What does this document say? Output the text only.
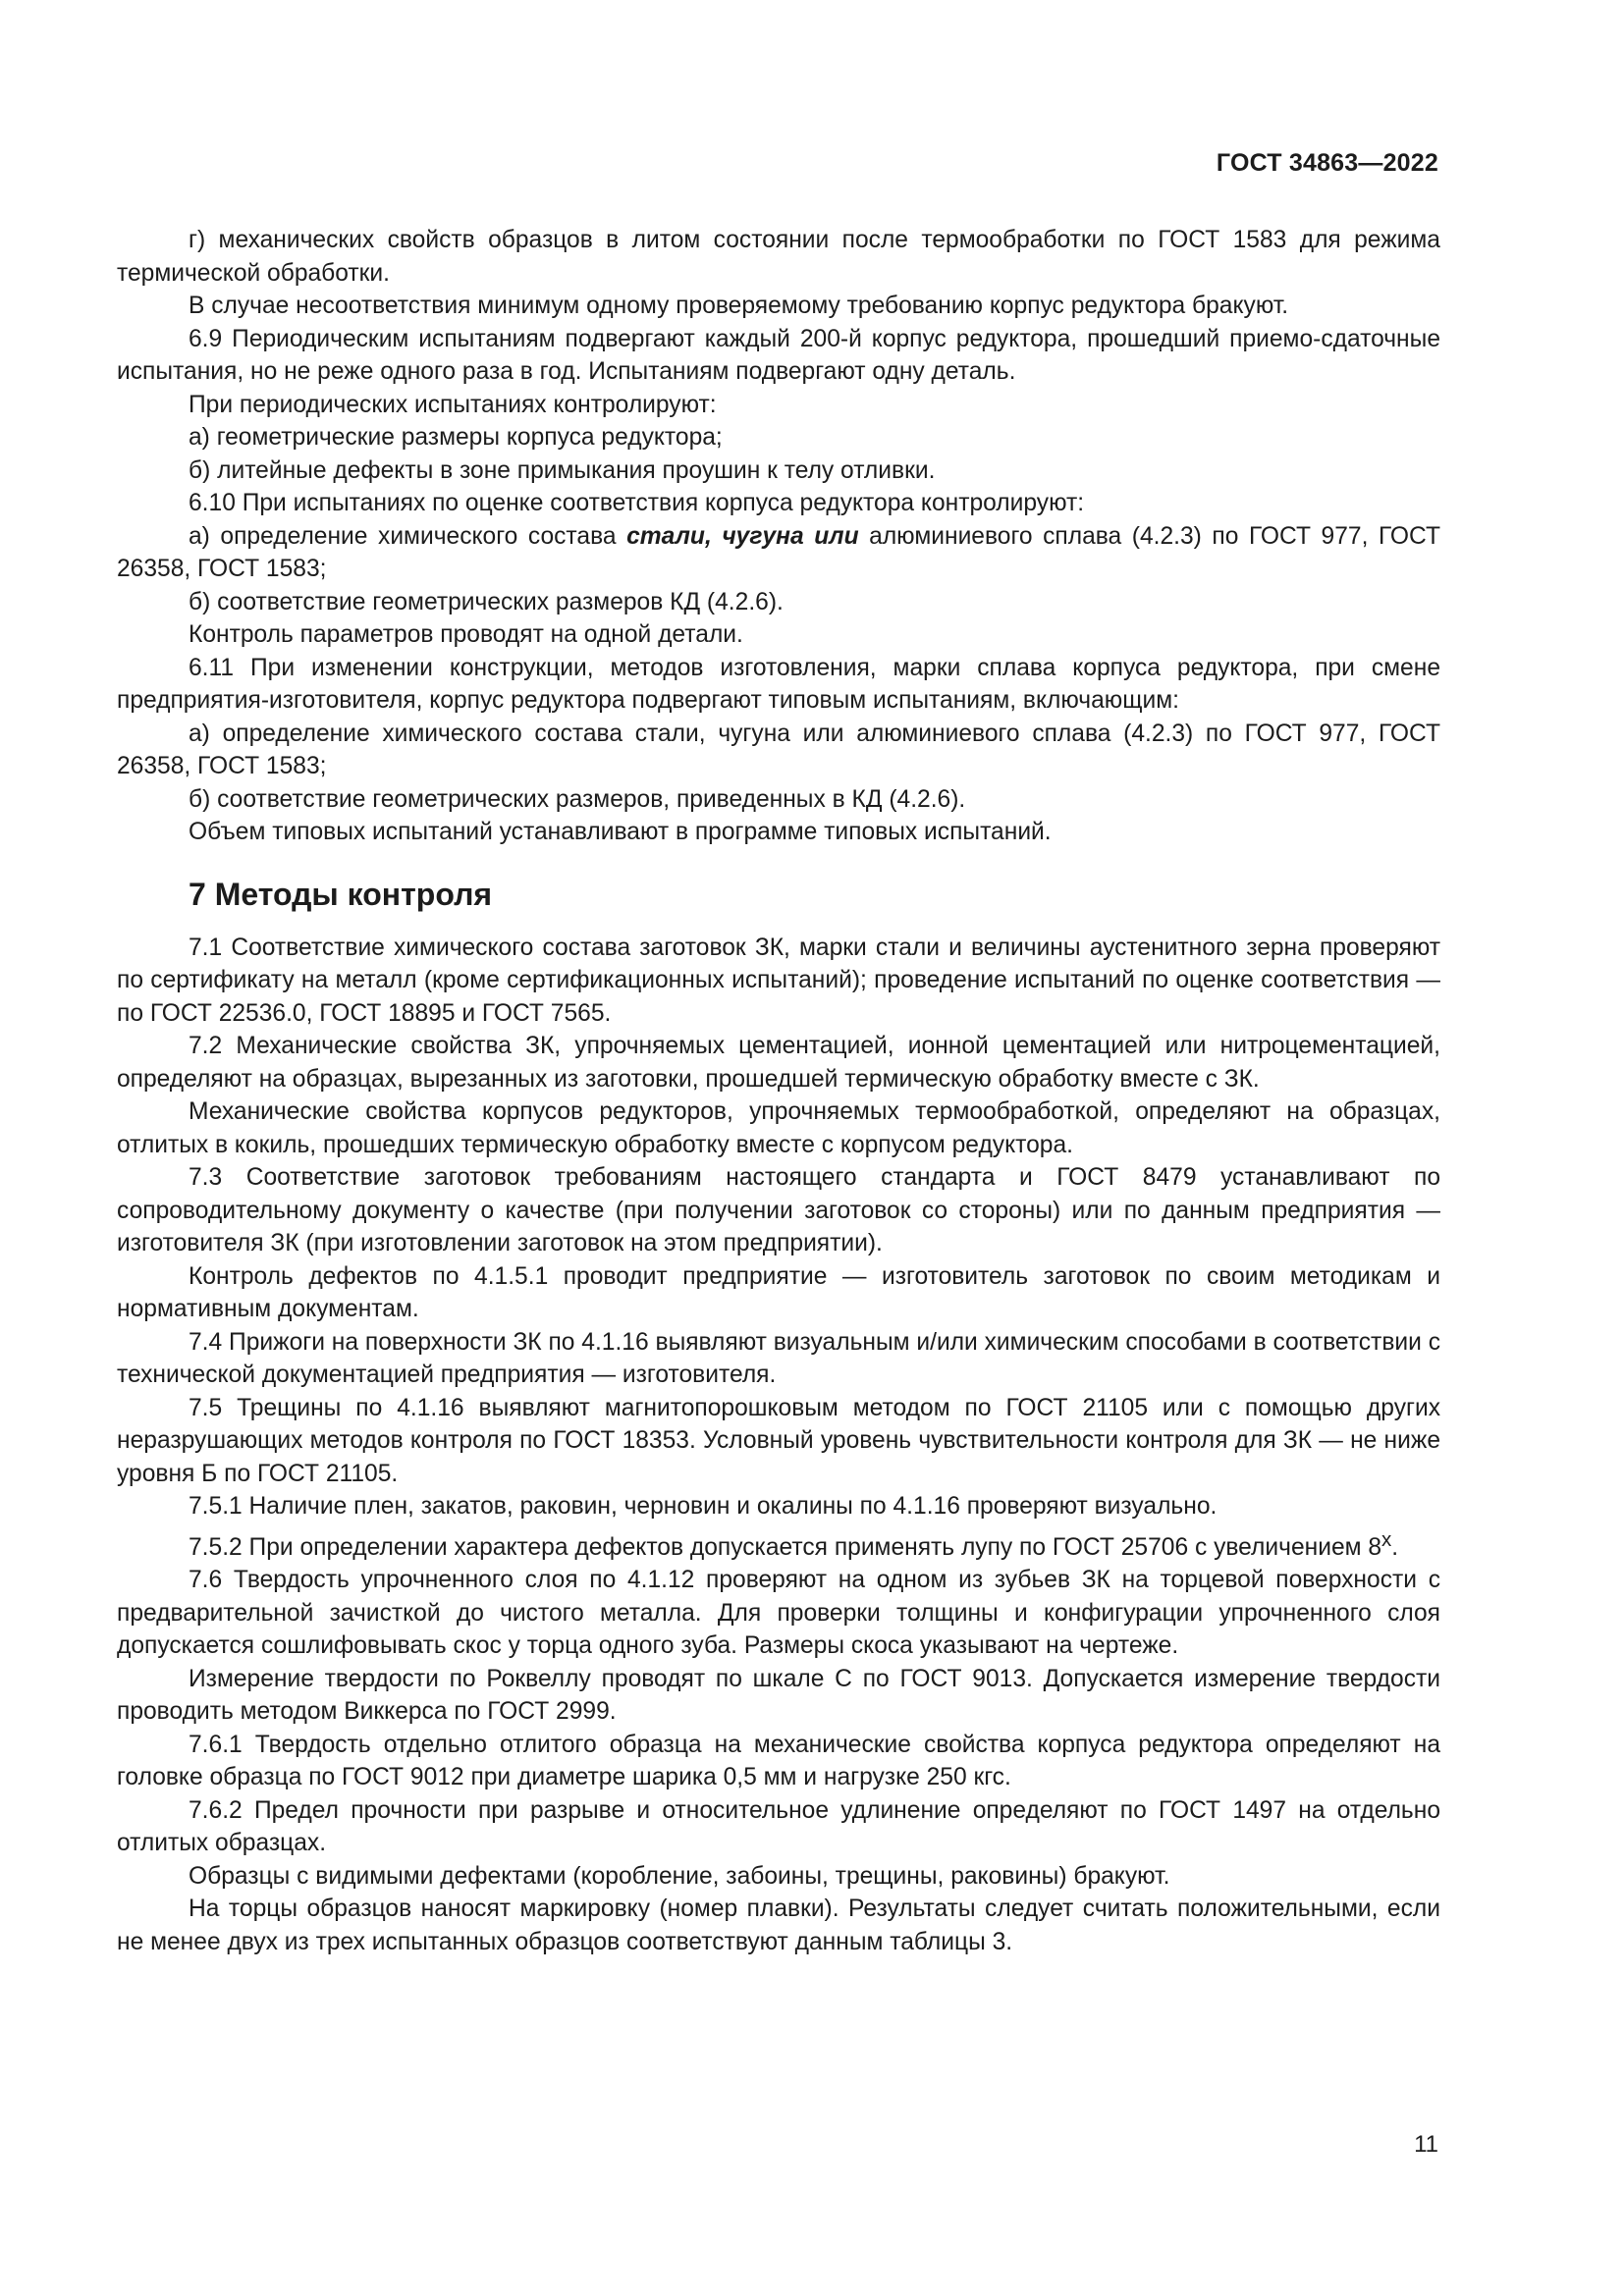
ГОСТ 34863—2022

г) механических свойств образцов в литом состоянии после термообработки по ГОСТ 1583 для режима термической обработки.

В случае несоответствия минимум одному проверяемому требованию корпус редуктора бракуют.

6.9 Периодическим испытаниям подвергают каждый 200-й корпус редуктора, прошедший приемо-сдаточные испытания, но не реже одного раза в год. Испытаниям подвергают одну деталь.

При периодических испытаниях контролируют:

а) геометрические размеры корпуса редуктора;

б) литейные дефекты в зоне примыкания проушин к телу отливки.

6.10 При испытаниях по оценке соответствия корпуса редуктора контролируют:

а) определение химического состава стали, чугуна или алюминиевого сплава (4.2.3) по ГОСТ 977, ГОСТ 26358, ГОСТ 1583;

б) соответствие геометрических размеров КД (4.2.6).

Контроль параметров проводят на одной детали.

6.11 При изменении конструкции, методов изготовления, марки сплава корпуса редуктора, при смене предприятия-изготовителя, корпус редуктора подвергают типовым испытаниям, включающим:

а) определение химического состава стали, чугуна или алюминиевого сплава (4.2.3) по ГОСТ 977, ГОСТ 26358, ГОСТ 1583;

б) соответствие геометрических размеров, приведенных в КД (4.2.6).

Объем типовых испытаний устанавливают в программе типовых испытаний.

7 Методы контроля

7.1 Соответствие химического состава заготовок ЗК, марки стали и величины аустенитного зерна проверяют по сертификату на металл (кроме сертификационных испытаний); проведение испытаний по оценке соответствия — по ГОСТ 22536.0, ГОСТ 18895 и ГОСТ 7565.

7.2 Механические свойства ЗК, упрочняемых цементацией, ионной цементацией или нитроцементацией, определяют на образцах, вырезанных из заготовки, прошедшей термическую обработку вместе с ЗК.

Механические свойства корпусов редукторов, упрочняемых термообработкой, определяют на образцах, отлитых в кокиль, прошедших термическую обработку вместе с корпусом редуктора.

7.3 Соответствие заготовок требованиям настоящего стандарта и ГОСТ 8479 устанавливают по сопроводительному документу о качестве (при получении заготовок со стороны) или по данным предприятия — изготовителя ЗК (при изготовлении заготовок на этом предприятии).

Контроль дефектов по 4.1.5.1 проводит предприятие — изготовитель заготовок по своим методикам и нормативным документам.

7.4 Прижоги на поверхности ЗК по 4.1.16 выявляют визуальным и/или химическим способами в соответствии с технической документацией предприятия — изготовителя.

7.5 Трещины по 4.1.16 выявляют магнитопорошковым методом по ГОСТ 21105 или с помощью других неразрушающих методов контроля по ГОСТ 18353. Условный уровень чувствительности контроля для ЗК — не ниже уровня Б по ГОСТ 21105.

7.5.1 Наличие плен, закатов, раковин, черновин и окалины по 4.1.16 проверяют визуально.

7.5.2 При определении характера дефектов допускается применять лупу по ГОСТ 25706 с увеличением 8$^x$.

7.6 Твердость упрочненного слоя по 4.1.12 проверяют на одном из зубьев ЗК на торцевой поверхности с предварительной зачисткой до чистого металла. Для проверки толщины и конфигурации упрочненного слоя допускается сошлифовывать скос у торца одного зуба. Размеры скоса указывают на чертеже.

Измерение твердости по Роквеллу проводят по шкале С по ГОСТ 9013. Допускается измерение твердости проводить методом Виккерса по ГОСТ 2999.

7.6.1 Твердость отдельно отлитого образца на механические свойства корпуса редуктора определяют на головке образца по ГОСТ 9012 при диаметре шарика 0,5 мм и нагрузке 250 кгс.

7.6.2 Предел прочности при разрыве и относительное удлинение определяют по ГОСТ 1497 на отдельно отлитых образцах.

Образцы с видимыми дефектами (коробление, забоины, трещины, раковины) бракуют.

На торцы образцов наносят маркировку (номер плавки). Результаты следует считать положительными, если не менее двух из трех испытанных образцов соответствуют данным таблицы 3.

11
